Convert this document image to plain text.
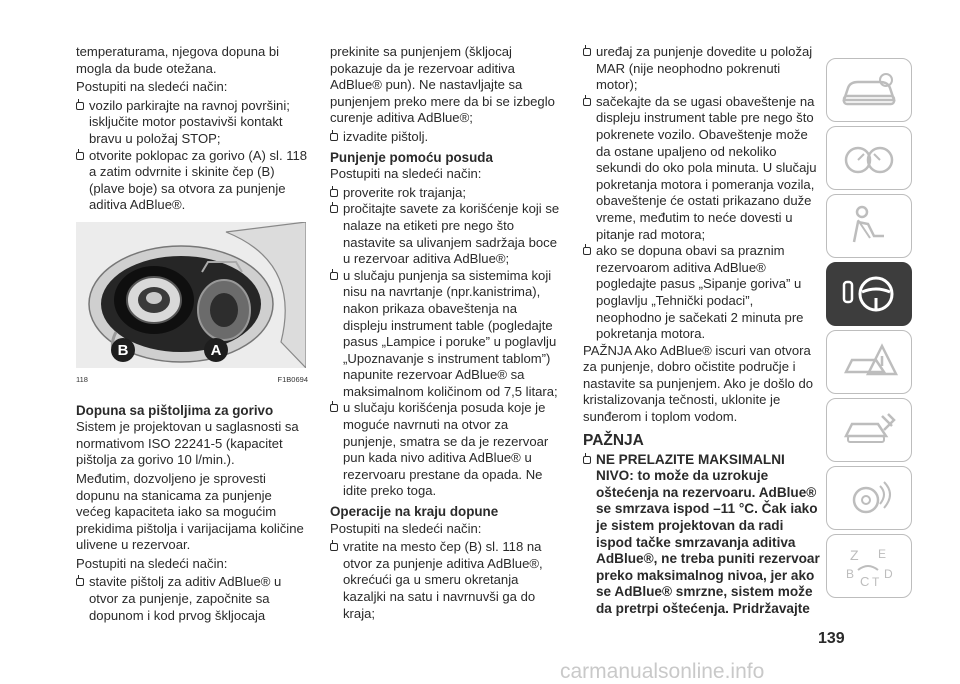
temperaturama, njegova dopuna bi mogla da bude otežana.

Postupiti na sledeći način:

vozilo parkirajte na ravnoj površini; isključite motor postavivši kontakt bravu u položaj STOP;
otvorite poklopac za gorivo (A) sl. 118 a zatim odvrnite i skinite čep (B) (plave boje) sa otvora za punjenje aditiva AdBlue®.
B	A
118	F1B0694
Dopuna sa pištoljima za gorivo

Sistem je projektovan u saglasnosti sa normativom ISO 22241-5 (kapacitet pištolja za gorivo 10 l/min.).

Međutim, dozvoljeno je sprovesti dopunu na stanicama za punjenje većeg kapaciteta iako sa mogućim prekidima pištolja i varijacijama količine ulivene u rezervoar.

Postupiti na sledeći način:

stavite pištolj za aditiv AdBlue® u otvor za punjenje, započnite sa dopunom i kod prvog škljocaja

prekinite sa punjenjem (škljocaj pokazuje da je rezervoar aditiva AdBlue® pun). Ne nastavljajte sa punjenjem preko mere da bi se izbeglo curenje aditiva AdBlue®;

izvadite pištolj.
Punjenje pomoću posuda

Postupiti na sledeći način:

proverite rok trajanja;
pročitajte savete za korišćenje koji se nalaze na etiketi pre nego što nastavite sa ulivanjem sadržaja boce u rezervoar aditiva AdBlue®;
u slučaju punjenja sa sistemima koji nisu na navrtanje (npr.kanistrima), nakon prikaza obaveštenja na displeju instrument table (pogledajte pasus „Lampice i poruke” u poglavlju „Upoznavanje s instrument tablom”) napunite rezervoar AdBlue® sa maksimalnom količinom od 7,5 litara;
u slučaju korišćenja posuda koje je moguće navrnuti na otvor za punjenje, smatra se da je rezervoar pun kada nivo aditiva AdBlue® u rezervoaru prestane da opada. Ne idite preko toga.
Operacije na kraju dopune

Postupiti na sledeći način:

vratite na mesto čep (B) sl. 118 na otvor za punjenje aditiva AdBlue®, okrećući ga u smeru okretanja kazaljki na satu i navrnuvši ga do kraja;
uređaj za punjenje dovedite u položaj MAR (nije neophodno pokrenuti motor);
sačekajte da se ugasi obaveštenje na displeju instrument table pre nego što pokrenete vozilo. Obaveštenje može da ostane upaljeno od nekoliko sekundi do oko pola minuta. U slučaju pokretanja motora i pomeranja vozila, obaveštenje će ostati prikazano duže vreme, međutim to neće dovesti u pitanje rad motora;
ako se dopuna obavi sa praznim rezervoarom aditiva AdBlue® pogledajte pasus „Sipanje goriva” u poglavlju „Tehnički podaci”, neophodno je sačekati 2 minuta pre pokretanja motora.

PAŽNJA Ako AdBlue® iscuri van otvora za punjenje, dobro očistite područje i nastavite sa punjenjem. Ako je došlo do kristalizovanja tečnosti, uklonite je sunđerom i toplom vodom.

PAŽNJA
NE PRELAZITE MAKSIMALNI NIVO: to može da uzrokuje oštećenja na rezervoaru. AdBlue® se smrzava ispod –11 °C. Čak iako je sistem projektovan da radi ispod tačke smrzavanja aditiva AdBlue®, ne treba puniti rezervoar preko maksimalnog nivoa, jer ako se AdBlue® smrzne, sistem može da pretrpi oštećenja. Pridržavajte
Z E
B C T
D
139
carmanualsonline.info
